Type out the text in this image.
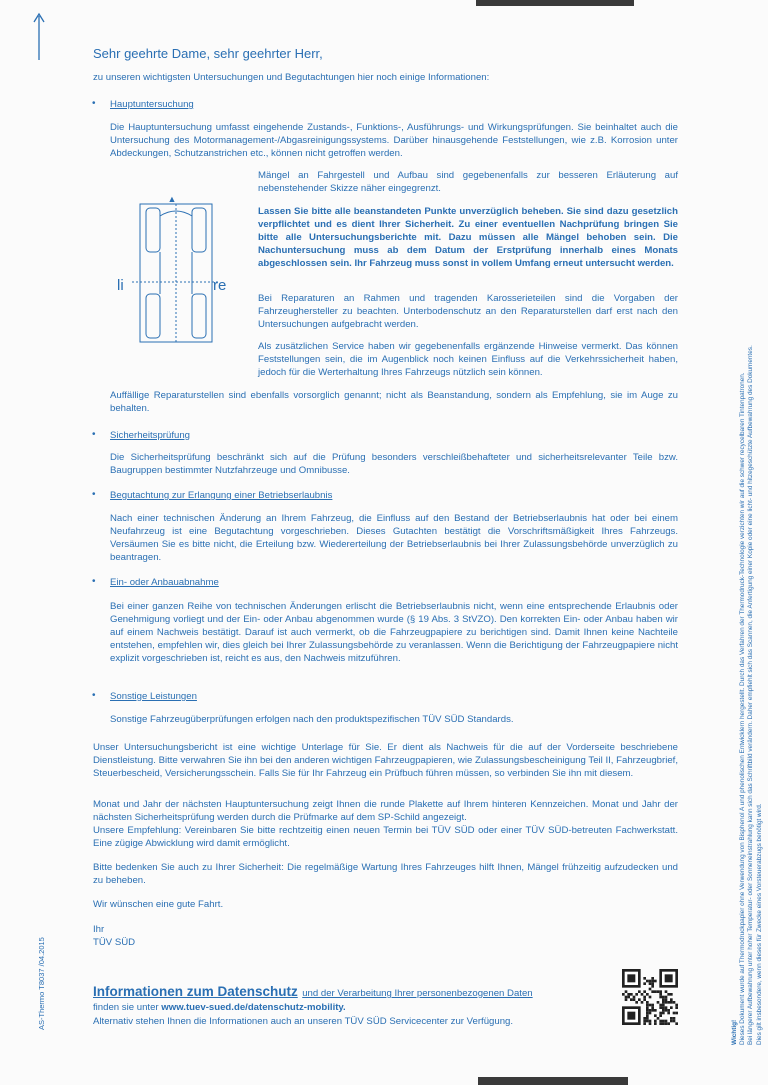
Sehr geehrte Dame, sehr geehrter Herr,
zu unseren wichtigsten Untersuchungen und Begutachtungen hier noch einige Informationen:
• Hauptuntersuchung

Die Hauptuntersuchung umfasst eingehende Zustands-, Funktions-, Ausführungs- und Wirkungsprüfungen. Sie beinhaltet auch die Untersuchung des Motormanagement-/Abgasreinigungssystems. Darüber hinausgehende Feststellungen, wie z.B. Korrosion unter Abdeckungen, Schutzanstrichen etc., können nicht getroffen werden.

▲
li	re

Mängel an Fahrgestell und Aufbau sind gegebenenfalls zur besseren Erläuterung auf nebenstehender Skizze näher eingegrenzt.

Lassen Sie bitte alle beanstandeten Punkte unverzüglich beheben. Sie sind dazu gesetzlich verpflichtet und es dient Ihrer Sicherheit. Zu einer eventuellen Nachprüfung bringen Sie bitte alle Untersuchungsberichte mit. Dazu müssen alle Mängel behoben sein. Die Nachuntersuchung muss ab dem Datum der Erstprüfung innerhalb eines Monats abgeschlossen sein. Ihr Fahrzeug muss sonst in vollem Umfang erneut untersucht werden.

Bei Reparaturen an Rahmen und tragenden Karosserieteilen sind die Vorgaben der Fahrzeughersteller zu beachten. Unterbodenschutz an den Reparaturstellen darf erst nach den Untersuchungen aufgebracht werden.

Als zusätzlichen Service haben wir gegebenenfalls ergänzende Hinweise vermerkt. Das können Feststellungen sein, die im Augenblick noch keinen Einfluss auf die Verkehrssicherheit haben, jedoch für die Werterhaltung Ihres Fahrzeugs nützlich sein können.

Auffällige Reparaturstellen sind ebenfalls vorsorglich genannt; nicht als Beanstandung, sondern als Empfehlung, sie im Auge zu behalten.

• Sicherheitsprüfung

Die Sicherheitsprüfung beschränkt sich auf die Prüfung besonders verschleißbehafteter und sicherheitsrelevanter Teile bzw. Baugruppen bestimmter Nutzfahrzeuge und Omnibusse.

• Begutachtung zur Erlangung einer Betriebserlaubnis

Nach einer technischen Änderung an Ihrem Fahrzeug, die Einfluss auf den Bestand der Betriebserlaubnis hat oder bei einem Neufahrzeug ist eine Begutachtung vorgeschrieben. Dieses Gutachten bestätigt die Vorschriftsmäßigkeit Ihres Fahrzeugs. Versäumen Sie es bitte nicht, die Erteilung bzw. Wiedererteilung der Betriebserlaubnis bei Ihrer Zulassungsbehörde unverzüglich zu beantragen.

• Ein- oder Anbauabnahme

Bei einer ganzen Reihe von technischen Änderungen erlischt die Betriebserlaubnis nicht, wenn eine entsprechende Erlaubnis oder Genehmigung vorliegt und der Ein- oder Anbau abgenommen wurde (§ 19 Abs. 3 StVZO). Den korrekten Ein- oder Anbau haben wir auf einem Nachweis bestätigt. Darauf ist auch vermerkt, ob die Fahrzeugpapiere zu berichtigen sind. Damit Ihnen keine Nachteile entstehen, empfehlen wir, dies gleich bei Ihrer Zulassungsbehörde zu veranlassen. Wenn die Berichtigung der Fahrzeugpapiere nicht explizit vorgeschrieben ist, reicht es aus, den Nachweis mitzuführen.

• Sonstige Leistungen

Sonstige Fahrzeugüberprüfungen erfolgen nach den produktspezifischen TÜV SÜD Standards.

Unser Untersuchungsbericht ist eine wichtige Unterlage für Sie. Er dient als Nachweis für die auf der Vorderseite beschriebene Dienstleistung. Bitte verwahren Sie ihn bei den anderen wichtigen Fahrzeugpapieren, wie Zulassungsbescheinigung Teil II, Fahrzeugbrief, Steuerbescheid, Versicherungsschein. Falls Sie für Ihr Fahrzeug ein Prüfbuch führen müssen, so verbinden Sie ihn mit diesem.

Monat und Jahr der nächsten Hauptuntersuchung zeigt Ihnen die runde Plakette auf Ihrem hinteren Kennzeichen. Monat und Jahr der nächsten Sicherheitsprüfung werden durch die Prüfmarke auf dem SP-Schild angezeigt.

Unsere Empfehlung: Vereinbaren Sie bitte rechtzeitig einen neuen Termin bei TÜV SÜD oder einer TÜV SÜD-betreuten Fachwerkstatt. Eine zügige Abwicklung wird damit ermöglicht.

Bitte bedenken Sie auch zu Ihrer Sicherheit: Die regelmäßige Wartung Ihres Fahrzeuges hilft Ihnen, Mängel frühzeitig aufzudecken und zu beheben.

Wir wünschen eine gute Fahrt.
Ihr
TÜV SÜD
Informationen zum Datenschutz und der Verarbeitung Ihrer personenbezogenen Daten
finden sie unter www.tuev-sued.de/datenschutz-mobility.
Alternativ stehen Ihnen die Informationen auch an unseren TÜV SÜD Servicecenter zur Verfügung.
AS-Thermo T8037 /04.2015
Wichtig! Dieses Dokument wurde auf Thermodruckpapier ohne Verwendung von Bisphenol A und phenolischen Entwicklern hergestellt. Durch das Verfahren der Thermodruck-Technologie verzichten wir auf die schwer recycelbaren Tintenpatronen. Bei längerer Aufbewahrung unter hoher Temperatur- oder Sonneneinstrahlung kann sich das Schriftbild verändern. Daher empfiehlt sich das Scannen, die Anfertigung einer Kopie oder eine licht- und hitzegeschützte Aufbewahrung des Dokumentes. Dies gilt insbesondere, wenn dieses für Zwecke eines Vorsteuerabzugs benötigt wird.
